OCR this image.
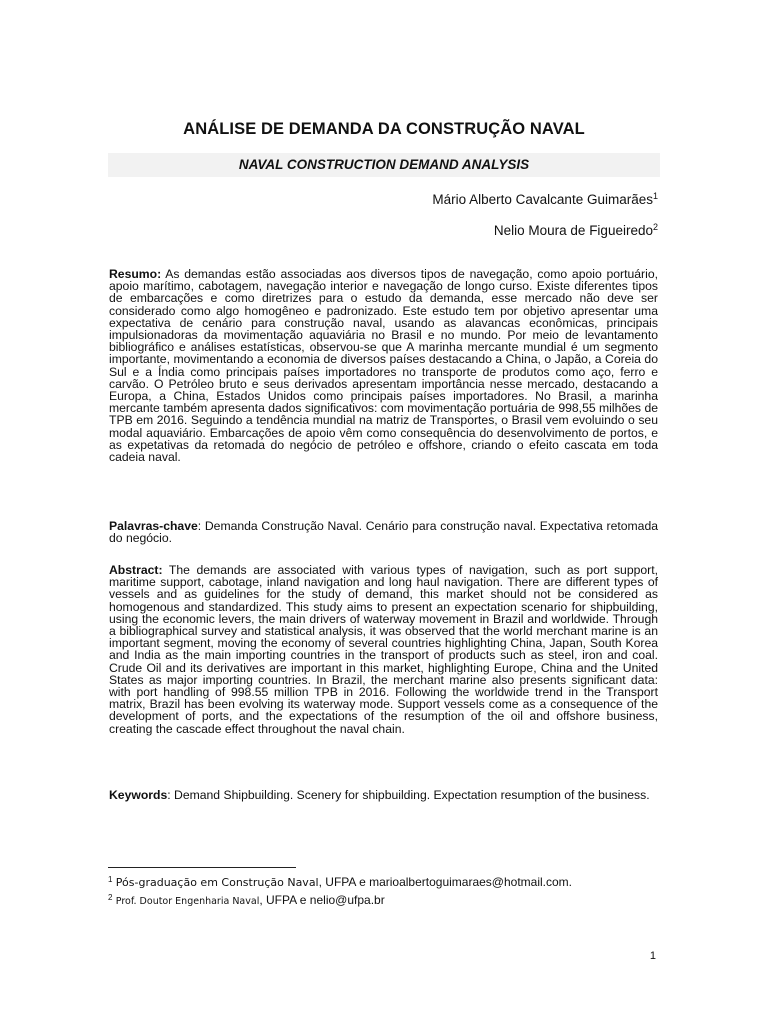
ANÁLISE DE DEMANDA DA CONSTRUÇÃO NAVAL
NAVAL CONSTRUCTION DEMAND ANALYSIS
Mário Alberto Cavalcante Guimarães$^1$
Nelio Moura de Figueiredo$^2$

Resumo: As demandas estão associadas aos diversos tipos de navegação, como apoio portuário, apoio marítimo, cabotagem, navegação interior e navegação de longo curso. Existe diferentes tipos de embarcações e como diretrizes para o estudo da demanda, esse mercado não deve ser considerado como algo homogêneo e padronizado. Este estudo tem por objetivo apresentar uma expectativa de cenário para construção naval, usando as alavancas econômicas, principais impulsionadoras da movimentação aquaviária no Brasil e no mundo. Por meio de levantamento bibliográfico e análises estatísticas, observou-se que A marinha mercante mundial é um segmento importante, movimentando a economia de diversos países destacando a China, o Japão, a Coreia do Sul e a Índia como principais países importadores no transporte de produtos como aço, ferro e carvão. O Petróleo bruto e seus derivados apresentam importância nesse mercado, destacando a Europa, a China, Estados Unidos como principais países importadores. No Brasil, a marinha mercante também apresenta dados significativos: com movimentação portuária de 998,55 milhões de TPB em 2016. Seguindo a tendência mundial na matriz de Transportes, o Brasil vem evoluindo o seu modal aquaviário. Embarcações de apoio vêm como consequência do desenvolvimento de portos, e as expetativas da retomada do negócio de petróleo e offshore, criando o efeito cascata em toda cadeia naval.

Palavras-chave: Demanda Construção Naval. Cenário para construção naval. Expectativa retomada do negócio.

Abstract: The demands are associated with various types of navigation, such as port support, maritime support, cabotage, inland navigation and long haul navigation. There are different types of vessels and as guidelines for the study of demand, this market should not be considered as homogenous and standardized. This study aims to present an expectation scenario for shipbuilding, using the economic levers, the main drivers of waterway movement in Brazil and worldwide. Through a bibliographical survey and statistical analysis, it was observed that the world merchant marine is an important segment, moving the economy of several countries highlighting China, Japan, South Korea and India as the main importing countries in the transport of products such as steel, iron and coal. Crude Oil and its derivatives are important in this market, highlighting Europe, China and the United States as major importing countries. In Brazil, the merchant marine also presents significant data: with port handling of 998.55 million TPB in 2016. Following the worldwide trend in the Transport matrix, Brazil has been evolving its waterway mode. Support vessels come as a consequence of the development of ports, and the expectations of the resumption of the oil and offshore business, creating the cascade effect throughout the naval chain.

Keywords: Demand Shipbuilding. Scenery for shipbuilding. Expectation resumption of the business.

$^1$ Pós-graduação em Construção Naval, UFPA e marioalbertoguimaraes@hotmail.com.
$^2$ Prof. Doutor Engenharia Naval, UFPA e nelio@ufpa.br
1
